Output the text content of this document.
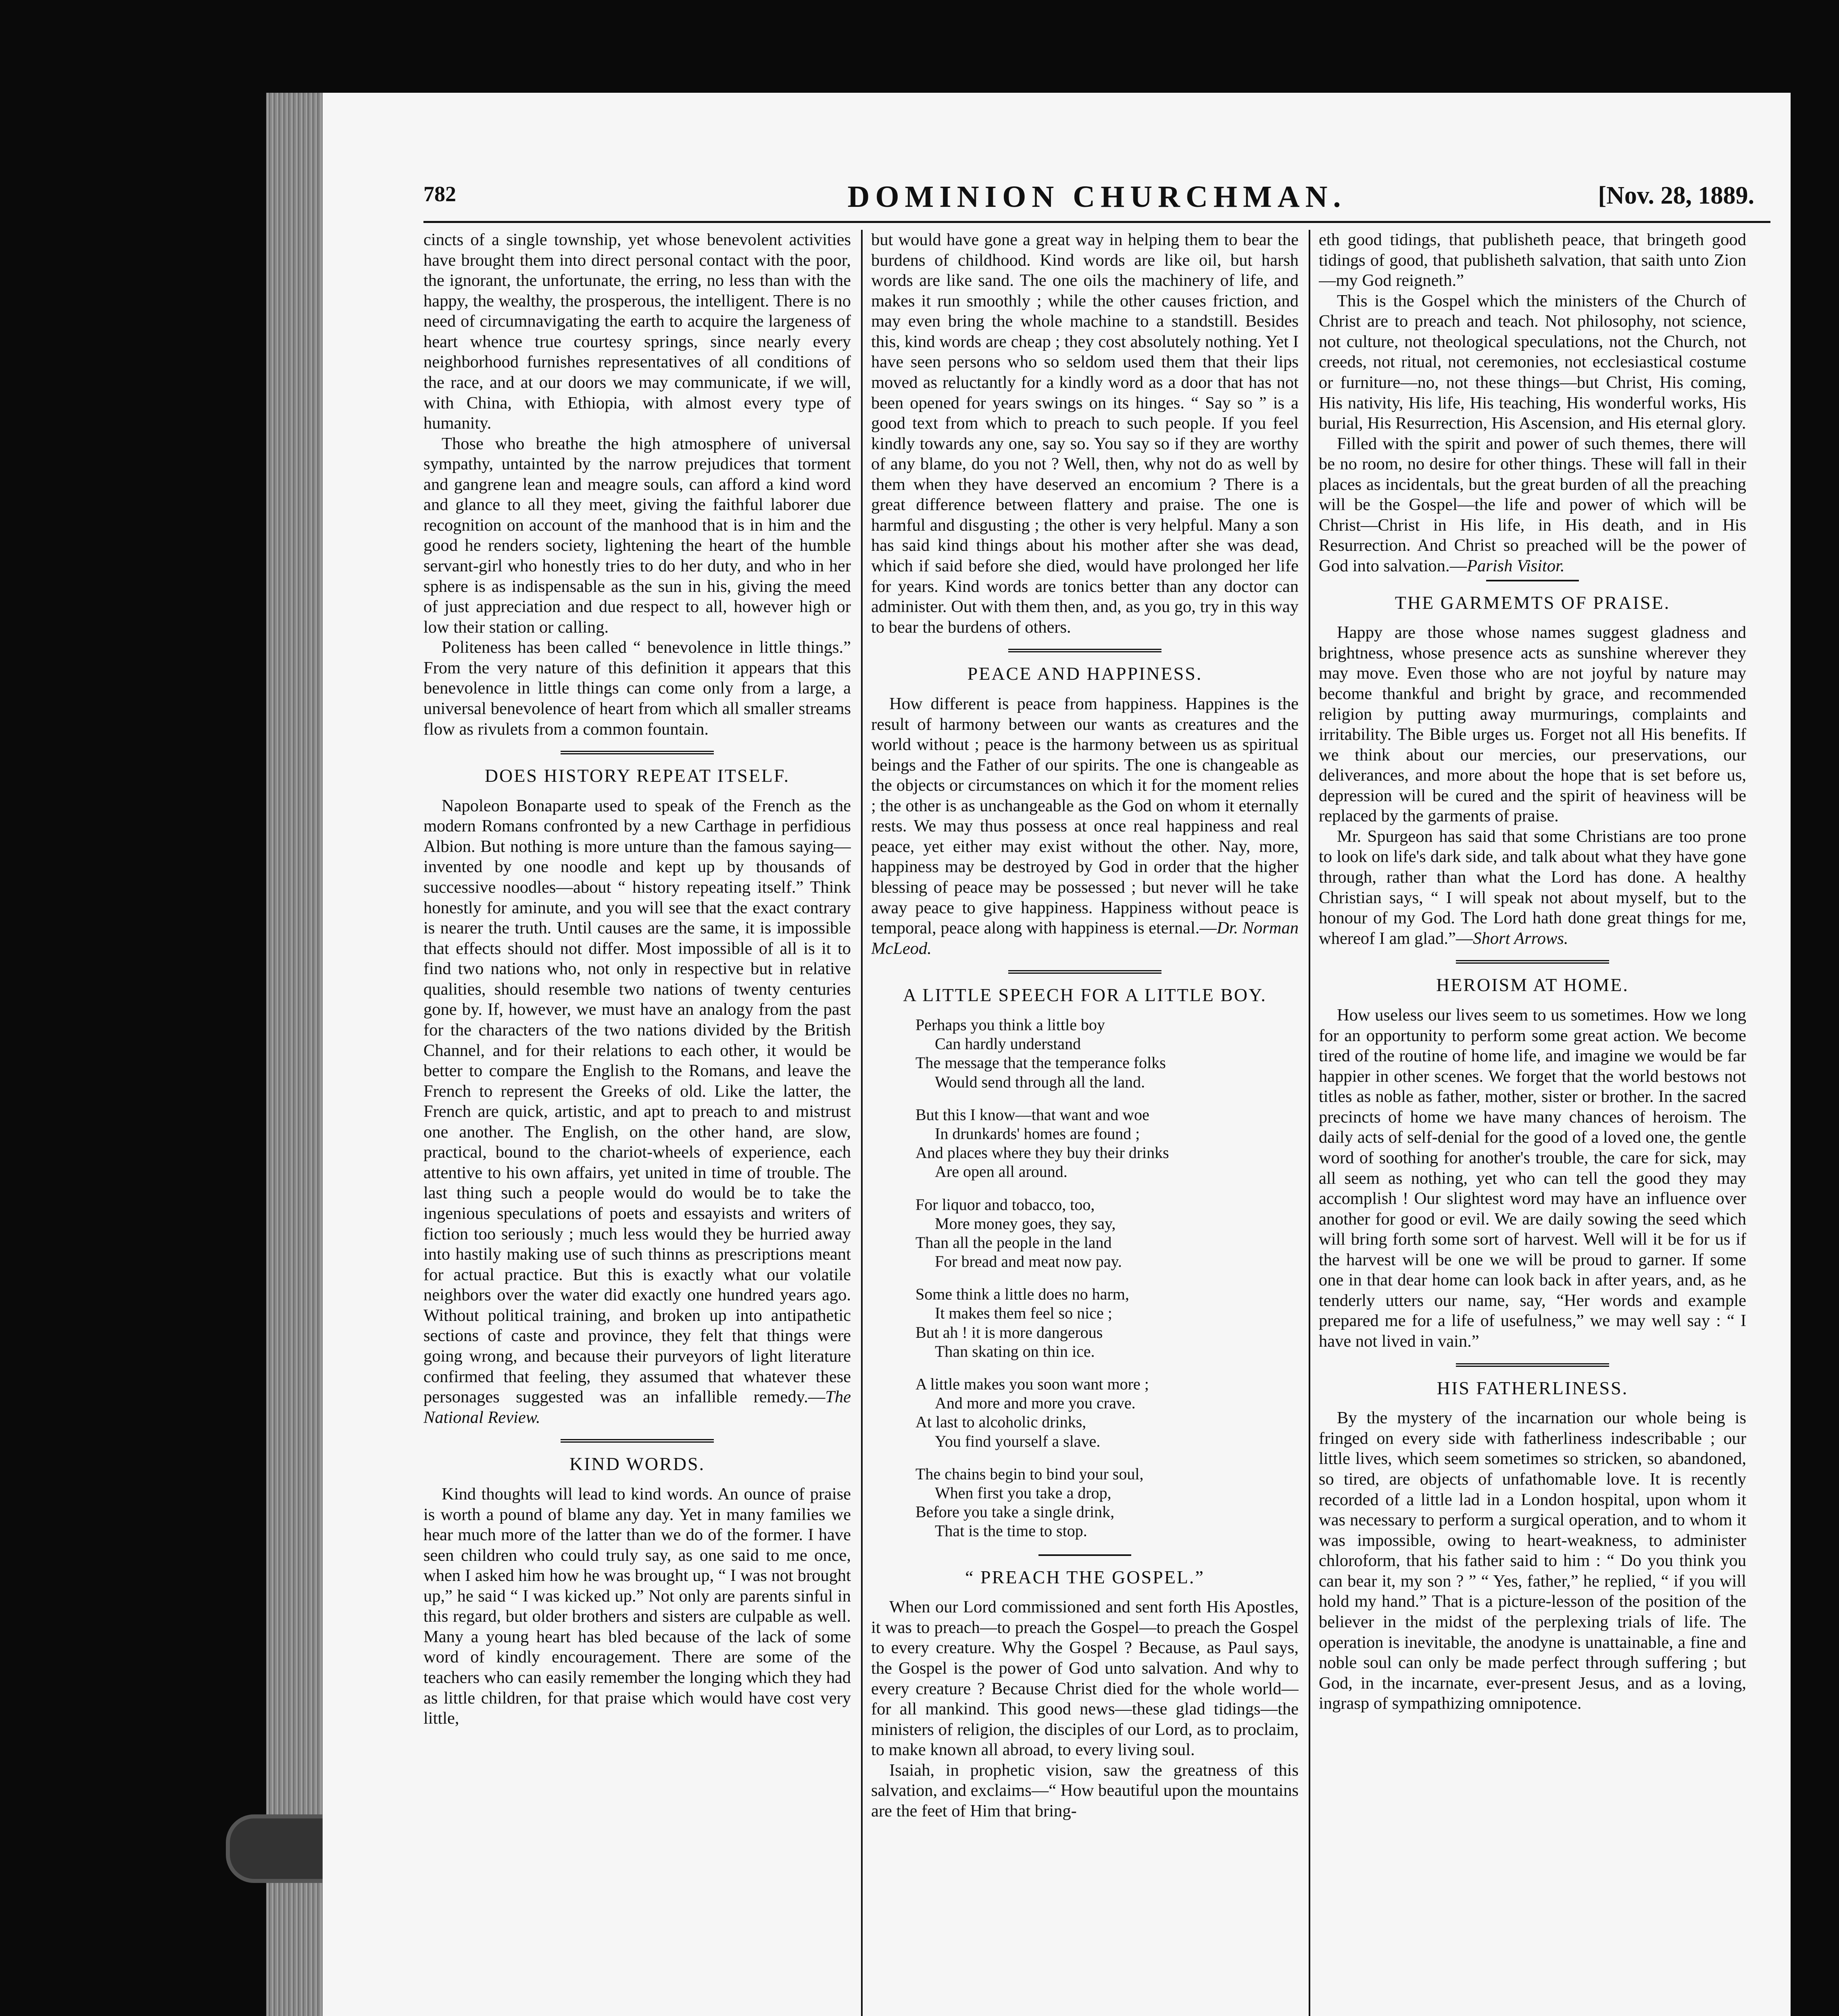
782	DOMINION CHURCHMAN.	[Nov. 28, 1889.

cincts of a single township, yet whose benevolent activities have brought them into direct personal contact with the poor, the ignorant, the unfortunate, the erring, no less than with the happy, the wealthy, the prosperous, the intelligent. There is no need of circumnavigating the earth to acquire the largeness of heart whence true courtesy springs, since nearly every neighborhood furnishes representatives of all conditions of the race, and at our doors we may communicate, if we will, with China, with Ethiopia, with almost every type of humanity.

Those who breathe the high atmosphere of universal sympathy, untainted by the narrow prejudices that torment and gangrene lean and meagre souls, can afford a kind word and glance to all they meet, giving the faithful laborer due recognition on account of the manhood that is in him and the good he renders society, lightening the heart of the humble servant-girl who honestly tries to do her duty, and who in her sphere is as indispensable as the sun in his, giving the meed of just appreciation and due respect to all, however high or low their station or calling.

Politeness has been called “ benevolence in little things.” From the very nature of this definition it appears that this benevolence in little things can come only from a large, a universal benevolence of heart from which all smaller streams flow as rivulets from a common fountain.

DOES HISTORY REPEAT ITSELF.

Napoleon Bonaparte used to speak of the French as the modern Romans confronted by a new Carthage in perfidious Albion. But nothing is more unture than the famous saying—invented by one noodle and kept up by thousands of successive noodles—about “ history repeating itself.” Think honestly for aminute, and you will see that the exact contrary is nearer the truth. Until causes are the same, it is impossible that effects should not differ. Most impossible of all is it to find two nations who, not only in respective but in relative qualities, should resemble two nations of twenty centuries gone by. If, however, we must have an analogy from the past for the characters of the two nations divided by the British Channel, and for their relations to each other, it would be better to compare the English to the Romans, and leave the French to represent the Greeks of old. Like the latter, the French are quick, artistic, and apt to preach to and mistrust one another. The English, on the other hand, are slow, practical, bound to the chariot-wheels of experience, each attentive to his own affairs, yet united in time of trouble. The last thing such a people would do would be to take the ingenious speculations of poets and essayists and writers of fiction too seriously ; much less would they be hurried away into hastily making use of such thinns as prescriptions meant for actual practice. But this is exactly what our volatile neighbors over the water did exactly one hundred years ago. Without political training, and broken up into antipathetic sections of caste and province, they felt that things were going wrong, and because their purveyors of light literature confirmed that feeling, they assumed that whatever these personages suggested was an infallible remedy.—The National Review.

KIND WORDS.

Kind thoughts will lead to kind words. An ounce of praise is worth a pound of blame any day. Yet in many families we hear much more of the latter than we do of the former. I have seen children who could truly say, as one said to me once, when I asked him how he was brought up, “ I was not brought up,” he said “ I was kicked up.” Not only are parents sinful in this regard, but older brothers and sisters are culpable as well. Many a young heart has bled because of the lack of some word of kindly encouragement. There are some of the teachers who can easily remember the longing which they had as little children, for that praise which would have cost very little,

but would have gone a great way in helping them to bear the burdens of childhood. Kind words are like oil, but harsh words are like sand. The one oils the machinery of life, and makes it run smoothly ; while the other causes friction, and may even bring the whole machine to a standstill. Besides this, kind words are cheap ; they cost absolutely nothing. Yet I have seen persons who so seldom used them that their lips moved as reluctantly for a kindly word as a door that has not been opened for years swings on its hinges. “ Say so ” is a good text from which to preach to such people. If you feel kindly towards any one, say so. You say so if they are worthy of any blame, do you not ? Well, then, why not do as well by them when they have deserved an encomium ? There is a great difference between flattery and praise. The one is harmful and disgusting ; the other is very helpful. Many a son has said kind things about his mother after she was dead, which if said before she died, would have prolonged her life for years. Kind words are tonics better than any doctor can administer. Out with them then, and, as you go, try in this way to bear the burdens of others.

PEACE AND HAPPINESS.

How different is peace from happiness. Happines is the result of harmony between our wants as creatures and the world without ; peace is the harmony between us as spiritual beings and the Father of our spirits. The one is changeable as the objects or circumstances on which it for the moment relies ; the other is as unchangeable as the God on whom it eternally rests. We may thus possess at once real happiness and real peace, yet either may exist without the other. Nay, more, happiness may be destroyed by God in order that the higher blessing of peace may be possessed ; but never will he take away peace to give happiness. Happiness without peace is temporal, peace along with happiness is eternal.—Dr. Norman McLeod.

A LITTLE SPEECH FOR A LITTLE BOY.
Perhaps you think a little boy
Can hardly understand
The message that the temperance folks
Would send through all the land.
But this I know—that want and woe
In drunkards' homes are found ;
And places where they buy their drinks
Are open all around.
For liquor and tobacco, too,
More money goes, they say,
Than all the people in the land
For bread and meat now pay.
Some think a little does no harm,
It makes them feel so nice ;
But ah ! it is more dangerous
Than skating on thin ice.
A little makes you soon want more ;
And more and more you crave.
At last to alcoholic drinks,
You find yourself a slave.
The chains begin to bind your soul,
When first you take a drop,
Before you take a single drink,
That is the time to stop.
“ PREACH THE GOSPEL.”

When our Lord commissioned and sent forth His Apostles, it was to preach—to preach the Gospel—to preach the Gospel to every creature. Why the Gospel ? Because, as Paul says, the Gospel is the power of God unto salvation. And why to every creature ? Because Christ died for the whole world—for all mankind. This good news—these glad tidings—the ministers of religion, the disciples of our Lord, as to proclaim, to make known all abroad, to every living soul.

Isaiah, in prophetic vision, saw the greatness of this salvation, and exclaims—“ How beautiful upon the mountains are the feet of Him that bring-

eth good tidings, that publisheth peace, that bringeth good tidings of good, that publisheth salvation, that saith unto Zion—my God reigneth.”

This is the Gospel which the ministers of the Church of Christ are to preach and teach. Not philosophy, not science, not culture, not theological speculations, not the Church, not creeds, not ritual, not ceremonies, not ecclesiastical costume or furniture—no, not these things—but Christ, His coming, His nativity, His life, His teaching, His wonderful works, His burial, His Resurrection, His Ascension, and His eternal glory.

Filled with the spirit and power of such themes, there will be no room, no desire for other things. These will fall in their places as incidentals, but the great burden of all the preaching will be the Gospel—the life and power of which will be Christ—Christ in His life, in His death, and in His Resurrection. And Christ so preached will be the power of God into salvation.—Parish Visitor.

THE GARMEMTS OF PRAISE.

Happy are those whose names suggest gladness and brightness, whose presence acts as sunshine wherever they may move. Even those who are not joyful by nature may become thankful and bright by grace, and recommended religion by putting away murmurings, complaints and irritability. The Bible urges us. Forget not all His benefits. If we think about our mercies, our preservations, our deliverances, and more about the hope that is set before us, depression will be cured and the spirit of heaviness will be replaced by the garments of praise.

Mr. Spurgeon has said that some Christians are too prone to look on life's dark side, and talk about what they have gone through, rather than what the Lord has done. A healthy Christian says, “ I will speak not about myself, but to the honour of my God. The Lord hath done great things for me, whereof I am glad.”—Short Arrows.

HEROISM AT HOME.

How useless our lives seem to us sometimes. How we long for an opportunity to perform some great action. We become tired of the routine of home life, and imagine we would be far happier in other scenes. We forget that the world bestows not titles as noble as father, mother, sister or brother. In the sacred precincts of home we have many chances of heroism. The daily acts of self-denial for the good of a loved one, the gentle word of soothing for another's trouble, the care for sick, may all seem as nothing, yet who can tell the good they may accomplish ! Our slightest word may have an influence over another for good or evil. We are daily sowing the seed which will bring forth some sort of harvest. Well will it be for us if the harvest will be one we will be proud to garner. If some one in that dear home can look back in after years, and, as he tenderly utters our name, say, “Her words and example prepared me for a life of usefulness,” we may well say : “ I have not lived in vain.”

HIS FATHERLINESS.

By the mystery of the incarnation our whole being is fringed on every side with fatherliness indescribable ; our little lives, which seem sometimes so stricken, so abandoned, so tired, are objects of unfathomable love. It is recently recorded of a little lad in a London hospital, upon whom it was necessary to perform a surgical operation, and to whom it was impossible, owing to heart-weakness, to administer chloroform, that his father said to him : “ Do you think you can bear it, my son ? ” “ Yes, father,” he replied, “ if you will hold my hand.” That is a picture-lesson of the position of the believer in the midst of the perplexing trials of life. The operation is inevitable, the anodyne is unattainable, a fine and noble soul can only be made perfect through suffering ; but God, in the incarnate, ever-present Jesus, and as a loving, ingrasp of sympathizing omnipotence.
